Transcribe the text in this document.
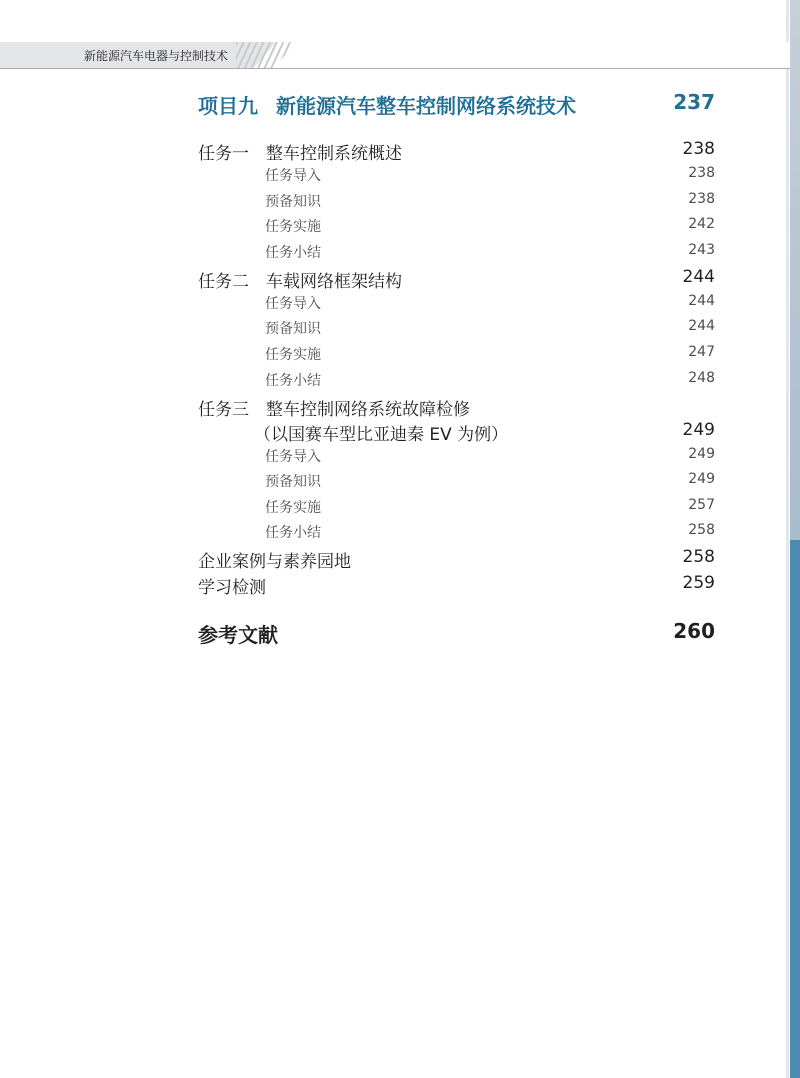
新能源汽车电器与控制技术
项目九 新能源汽车整车控制网络系统技术	237
任务一 整车控制系统概述	238
任务导入	238
预备知识	238
任务实施	242
任务小结	243
任务二 车载网络框架结构	244
任务导入	244
预备知识	244
任务实施	247
任务小结	248
任务三 整车控制网络系统故障检修
（以国赛车型比亚迪秦 EV 为例）	249
任务导入	249
预备知识	249
任务实施	257
任务小结	258
企业案例与素养园地	258
学习检测	259
参考文献	260
